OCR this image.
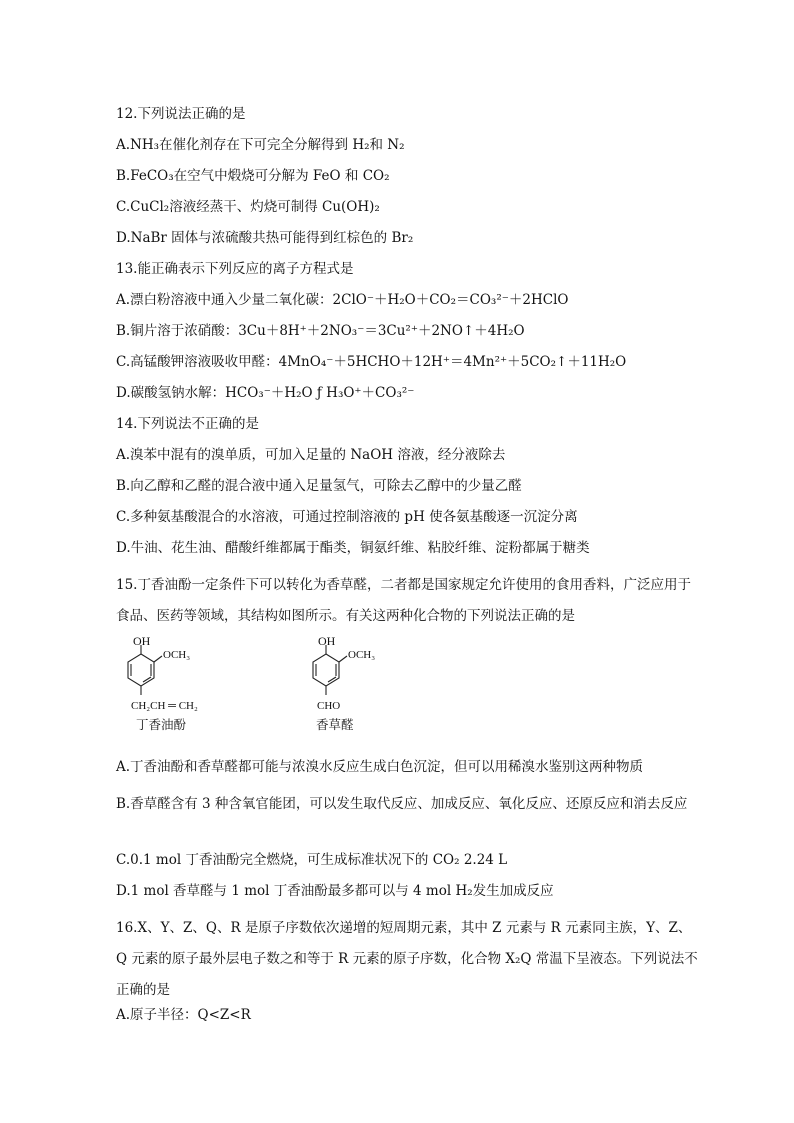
12.下列说法正确的是
A.NH₃在催化剂存在下可完全分解得到 H₂和 N₂
B.FeCO₃在空气中煅烧可分解为 FeO 和 CO₂
C.CuCl₂溶液经蒸干、灼烧可制得 Cu(OH)₂
D.NaBr 固体与浓硫酸共热可能得到红棕色的 Br₂
13.能正确表示下列反应的离子方程式是
A.漂白粉溶液中通入少量二氧化碳：2ClO⁻＋H₂O＋CO₂＝CO₃²⁻＋2HClO
B.铜片溶于浓硝酸：3Cu＋8H⁺＋2NO₃⁻＝3Cu²⁺＋2NO↑＋4H₂O
C.高锰酸钾溶液吸收甲醛：4MnO₄⁻＋5HCHO＋12H⁺＝4Mn²⁺＋5CO₂↑＋11H₂O
D.碳酸氢钠水解：HCO₃⁻＋H₂O ƒ H₃O⁺＋CO₃²⁻
14.下列说法不正确的是
A.溴苯中混有的溴单质，可加入足量的 NaOH 溶液，经分液除去
B.向乙醇和乙醛的混合液中通入足量氢气，可除去乙醇中的少量乙醛
C.多种氨基酸混合的水溶液，可通过控制溶液的 pH 使各氨基酸逐一沉淀分离
D.牛油、花生油、醋酸纤维都属于酯类，铜氨纤维、粘胶纤维、淀粉都属于糖类
15.丁香油酚一定条件下可以转化为香草醛，二者都是国家规定允许使用的食用香料，广泛应用于食品、医药等领域，其结构如图所示。有关这两种化合物的下列说法正确的是
OH
OCH₃
CH₂CH ═ CH₂
丁香油酚
OH
OCH₃
CHO
香草醛
A.丁香油酚和香草醛都可能与浓溴水反应生成白色沉淀，但可以用稀溴水鉴别这两种物质
B.香草醛含有 3 种含氧官能团，可以发生取代反应、加成反应、氧化反应、还原反应和消去反应
C.0.1 mol 丁香油酚完全燃烧，可生成标准状况下的 CO₂ 2.24 L
D.1 mol 香草醛与 1 mol 丁香油酚最多都可以与 4 mol H₂发生加成反应
16.X、Y、Z、Q、R 是原子序数依次递增的短周期元素，其中 Z 元素与 R 元素同主族，Y、Z、Q 元素的原子最外层电子数之和等于 R 元素的原子序数，化合物 X₂Q 常温下呈液态。下列说法不正确的是
A.原子半径：Q<Z<R
